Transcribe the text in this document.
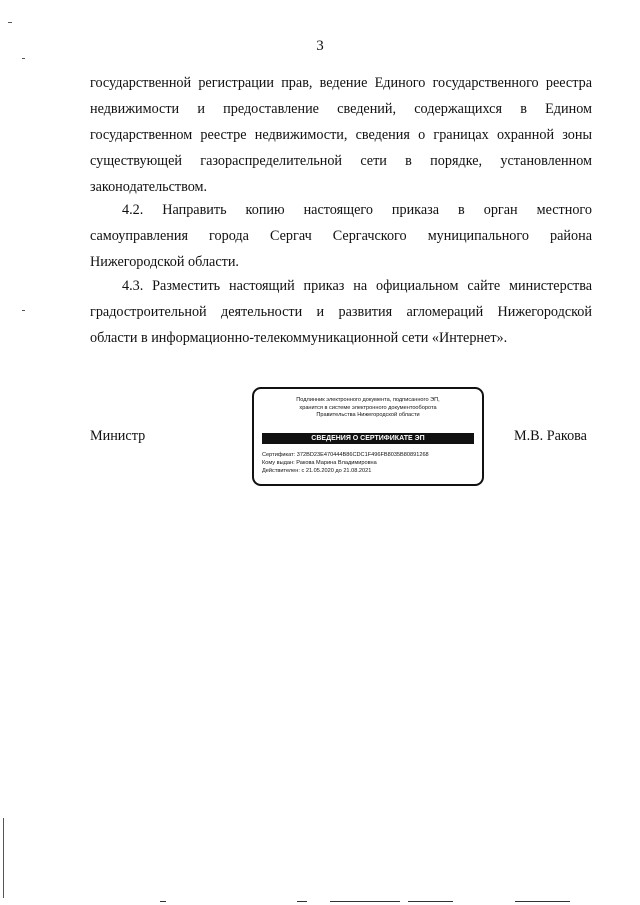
3
государственной регистрации прав, ведение Единого государственного реестра
недвижимости и предоставление сведений, содержащихся в Едином
государственном реестре недвижимости, сведения о границах охранной зоны
существующей газораспределительной сети в порядке, установленном
законодательством.
4.2. Направить копию настоящего приказа в орган местного
самоуправления города Сергач Сергачского муниципального района
Нижегородской области.
4.3. Разместить настоящий приказ на официальном сайте министерства
градостроительной деятельности и развития агломераций Нижегородской
области в информационно-телекоммуникационной сети «Интернет».
Министр
Подлинник электронного документа, подписанного ЭП,
хранится в системе электронного документооборота
Правительства Нижегородской области
СВЕДЕНИЯ О СЕРТИФИКАТЕ ЭП
Сертификат: 372BD23E470444B86CDC1F496FB8035B80891268
Кому выдан: Ракова Марина Владимировна
Действителен: с 21.05.2020 до 21.08.2021
М.В. Ракова
